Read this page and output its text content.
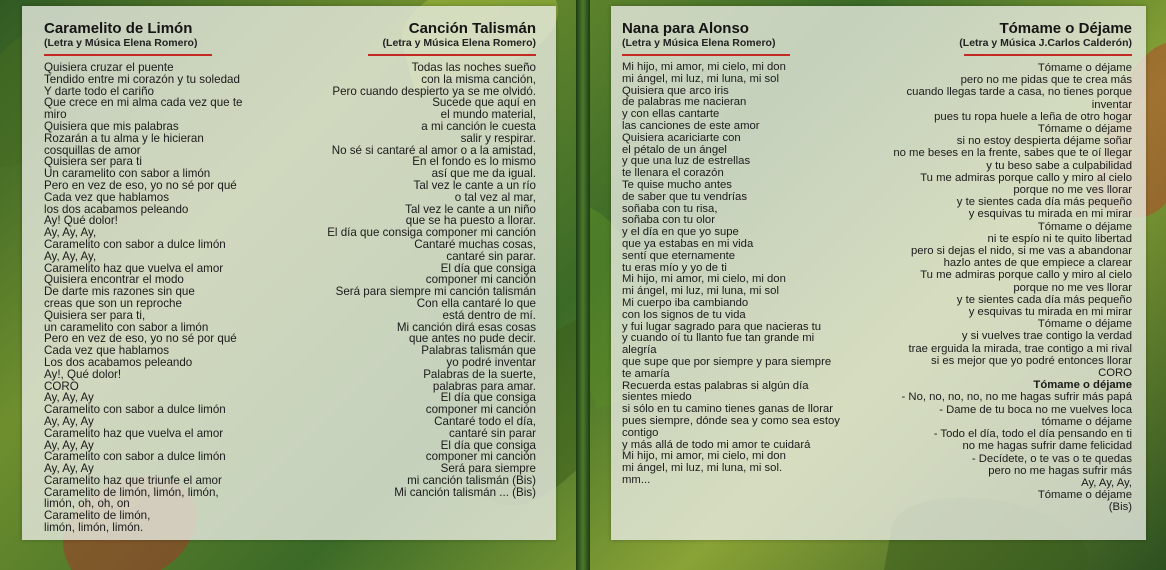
Caramelito de Limón
(Letra y Música Elena Romero)
Quisiera cruzar el puente
Tendido entre mi corazón y tu soledad
Y darte todo el cariño
Que crece en mi alma cada vez que te
miro
Quisiera que mis palabras
Rozarán a tu alma y le hicieran
cosquillas de amor
Quisiera ser para ti
Un caramelito con sabor a limón
Pero en vez de eso, yo no sé por qué
Cada vez que hablamos
los dos acabamos peleando
Ay! Qué dolor!
Ay, Ay, Ay,
Caramelito con sabor a dulce limón
Ay, Ay, Ay,
Caramelito haz que vuelva el amor
Quisiera encontrar el modo
De darte mis razones sin que
creas que son un reproche
Quisiera ser para ti,
un caramelito con sabor a limón
Pero en vez de eso, yo no sé por qué
Cada vez que hablamos
Los dos acabamos peleando
Ay!, Qué dolor!
CORO
Ay, Ay, Ay
Caramelito con sabor a dulce limón
Ay, Ay, Ay
Caramelito haz que vuelva el amor
Ay, Ay, Ay
Caramelito con sabor a dulce limón
Ay, Ay, Ay
Caramelito haz que triunfe el amor
Caramelito de limón, limón, limón,
limón, oh, oh, on
Caramelito de limón,
limón, limón, limón.
Canción Talismán
(Letra y Música Elena Romero)
Todas las noches sueño
con la misma canción,
Pero cuando despierto ya se me olvidó.
Sucede que aquí en
el mundo material,
a mi canción le cuesta
salir y respirar.
No sé si cantaré al amor o a la amistad,
En el fondo es lo mismo
así que me da igual.
Tal vez le cante a un río
o tal vez al mar,
Tal vez le cante a un niño
que se ha puesto a llorar.
El día que consiga componer mi canción
Cantaré muchas cosas,
cantaré sin parar.
El día que consiga
componer mi canción
Será para siempre mi canción talismán
Con ella cantaré lo que
está dentro de mí.
Mi canción dirá esas cosas
que antes no pude decir.
Palabras talismán que
yo podré inventar
Palabras de la suerte,
palabras para amar.
El día que consiga
componer mi canción
Cantaré todo el día,
cantaré sin parar
El día que consiga
componer mi canción
Será para siempre
mi canción talismán (Bis)
Mi canción talismán ... (Bis)
Nana para Alonso
(Letra y Música Elena Romero)
Mi hijo, mi amor, mi cielo, mi don
mi ángel, mi luz, mi luna, mi sol
Quisiera que arco iris
de palabras me nacieran
y con ellas cantarte
las canciones de este amor
Quisiera acariciarte con
el pétalo de un ángel
y que una luz de estrellas
te llenara el corazón
Te quise mucho antes
de saber que tu vendrías
soñaba con tu risa,
soñaba con tu olor
y el día en que yo supe
que ya estabas en mi vida
sentí que eternamente
tu eras mío y yo de ti
Mi hijo, mi amor, mi cielo, mi don
mi ángel, mi luz, mi luna, mi sol
Mi cuerpo iba cambiando
con los signos de tu vida
y fui lugar sagrado para que nacieras tu
y cuando oí tu llanto fue tan grande mi
alegría
que supe que por siempre y para siempre
te amaría
Recuerda estas palabras si algún día
sientes miedo
si sólo en tu camino tienes ganas de llorar
pues siempre, dónde sea y como sea estoy
contigo
y más allá de todo mi amor te cuidará
Mi hijo, mi amor, mi cielo, mi don
mi ángel, mi luz, mi luna, mi sol.
mm...
Tómame o Déjame
(Letra y Música J.Carlos Calderón)
Tómame o déjame
pero no me pidas que te crea más
cuando llegas tarde a casa, no tienes porque
inventar
pues tu ropa huele a leña de otro hogar
Tómame o déjame
si no estoy despierta déjame soñar
no me beses en la frente, sabes que te oí llegar
y tu beso sabe a culpabilidad
Tu me admiras porque callo y miro al cielo
porque no me ves llorar
y te sientes cada día más pequeño
y esquivas tu mirada en mi mirar
Tómame o déjame
ni te espío ni te quito libertad
pero si dejas el nido, si me vas a abandonar
hazlo antes de que empiece a clarear
Tu me admiras porque callo y miro al cielo
porque no me ves llorar
y te sientes cada día más pequeño
y esquivas tu mirada en mi mirar
Tómame o déjame
y si vuelves trae contigo la verdad
trae erguida la mirada, trae contigo a mi rival
si es mejor que yo podré entonces llorar
CORO
Tómame o déjame
- No, no, no, no, no me hagas sufrir más papá
- Dame de tu boca no me vuelves loca
tómame o déjame
- Todo el día, todo el día pensando en ti
no me hagas sufrir dame felicidad
- Decídete, o te vas o te quedas
pero no me hagas sufrir más
Ay, Ay, Ay,
Tómame o déjame
(Bis)
